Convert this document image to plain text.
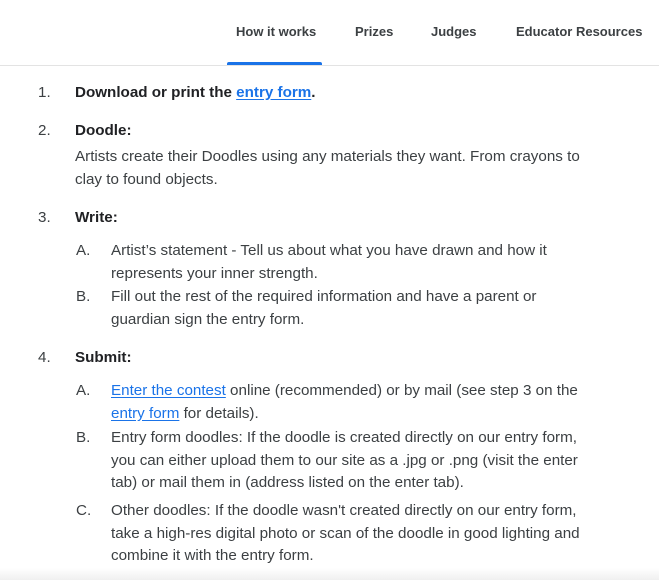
How it works	Prizes	Judges	Educator Resources
1. Download or print the entry form.
2. Doodle:
Artists create their Doodles using any materials they want. From crayons to clay to found objects.
3. Write:
A. Artist’s statement - Tell us about what you have drawn and how it represents your inner strength.
B. Fill out the rest of the required information and have a parent or guardian sign the entry form.
4. Submit:
A. Enter the contest online (recommended) or by mail (see step 3 on the entry form for details).
B. Entry form doodles: If the doodle is created directly on our entry form, you can either upload them to our site as a .jpg or .png (visit the enter tab) or mail them in (address listed on the enter tab).
C. Other doodles: If the doodle wasn't created directly on our entry form, take a high-res digital photo or scan of the doodle in good lighting and combine it with the entry form.
